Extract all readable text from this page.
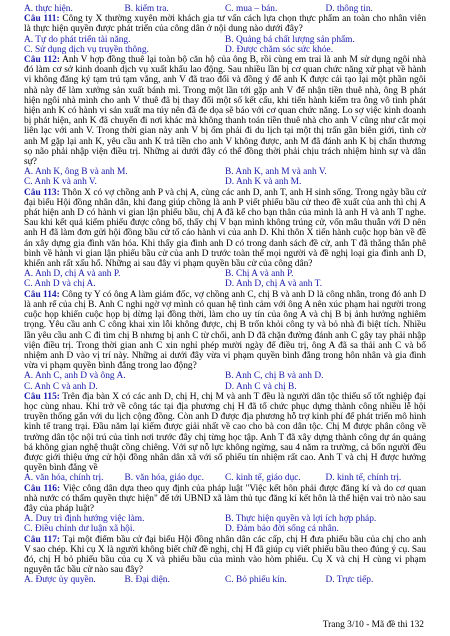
A. thực hiện.	B. kiểm tra.	C. mua – bán.	D. thông tin.
Câu 111: Công ty X thường xuyên mời khách gia tư vấn cách lựa chọn thực phẩm an toàn cho nhân viên là thực hiện quyền được phát triển của công dân ở nội dung nào dưới đây?
A. Tự do phát triển tài năng.	B. Quảng bá chất lượng sản phẩm.
C. Sử dụng dịch vụ truyền thông.	D. Được chăm sóc sức khỏe.
Câu 112: Anh V hợp đồng thuê lại toàn bộ căn hộ của ông B, rồi cùng em trai là anh M sử dụng ngôi nhà đó làm cơ sở kinh doanh dịch vụ xuất khẩu lao động. Sau nhiều lần bị cơ quan chức năng xử phạt về hành vi không đăng ký tạm trú tạm vắng, anh V đã trao đổi và đồng ý để anh K được cải tạo lại một phần ngôi nhà này để làm xưởng sản xuất bánh mì. Trong một lần tới gặp anh V để nhận tiền thuê nhà, ông B phát hiện ngôi nhà mình cho anh V thuê đã bị thay đổi một số kết cấu, khi tiến hành kiểm tra ông vô tình phát hiện anh K có hành vi sản xuất ma túy nên đã đe dọa sẽ báo với cơ quan chức năng. Lo sợ việc kinh doanh bị phát hiện, anh K đã chuyển đi nơi khác mà không thanh toán tiền thuê nhà cho anh V cũng như cắt mọi liên lạc với anh V. Trong thời gian này anh V bị ốm phải đi du lịch tại một thị trấn gần biên giới, tình cờ anh M gặp lại anh K, yêu cầu anh K trả tiền cho anh V không được, anh M đã đánh anh K bị chấn thương sọ não phải nhập viện điều trị. Những ai dưới đây có thể đồng thời phải chịu trách nhiệm hình sự và dân sự?
A. Anh K, ông B và anh M.	B. Anh K, anh M và anh V.
C. Anh K và anh V.	D. Anh K và anh M.
Câu 113: Thôn X có vợ chồng anh P và chị A, cùng các anh D, anh T, anh H sinh sống. Trong ngày bầu cử đại biểu Hội đồng nhân dân, khi đang giúp chồng là anh P viết phiếu bầu cử theo đề xuất của anh thì chị A phát hiện anh D có hành vi gian lận phiếu bầu, chị A đã kể cho bạn thân của mình là anh H và anh T nghe. Sau khi kết quả kiểm phiếu được công bố, thấy chị V bạn mình không trúng cử, vốn mâu thuẫn với D nên anh H đã làm đơn gửi hội đồng bầu cử tố cáo hành vi của anh D. Khi thôn X tiến hành cuộc họp bàn về đề án xây dựng gia đình văn hóa. Khi thấy gia đình anh D có trong danh sách đề cử, anh T đã thẳng thắn phê bình về hành vi gian lận phiếu bầu cử của anh D trước toàn thể mọi người và đề nghị loại gia đình anh D, khiến anh rất xấu hổ. Những ai sau đây vi phạm quyền bầu cử của công dân?
A. Anh D, chị A và anh P.	B. Chị A và anh P.
C. Anh D và chị A.	D. Anh D, chị A và anh T.
Câu 114: Công ty Y có ông A làm giám đốc, vợ chồng anh C, chị B và anh D là công nhân, trong đó anh D là anh rể của chị B. Anh C nghi ngờ vợ mình có quan hệ tình cảm với ông A nên xúc phạm hai người trong cuộc họp khiến cuộc họp bị dừng lại đồng thời, làm cho uy tín của ông A và chị B bị ảnh hưởng nghiêm trọng. Yêu cầu anh C công khai xin lỗi không được, chị B trốn khỏi công ty và bỏ nhà đi biệt tích. Nhiều lần yêu cầu anh C đi tìm chị B nhưng bị anh C từ chối, anh D đã chặn đường đánh anh C gây tay phải nhập viện điều trị. Trong thời gian anh C xin nghỉ phép mười ngày để điều trị, ông A đã sa thải anh C và bổ nhiệm anh D vào vị trí này. Những ai dưới đây vừa vi phạm quyền bình đẳng trong hôn nhân và gia đình vừa vi phạm quyền bình đẳng trong lao động?
A. Anh C, anh D và ông A.	B. Anh C, chị B và anh D.
C. Anh C và anh D.	D. Anh C và chị B.
Câu 115: Trên địa bàn X có các anh D, chị H, chị M và anh T đều là người dân tộc thiểu số tốt nghiệp đại học cùng nhau. Khi trở về công tác tại địa phương chị H đã tổ chức phục dựng thành công nhiều lễ hội truyền thống gắn với du lịch cộng đồng. Còn anh D được địa phương hỗ trợ kinh phí để phát triển mô hình kinh tế trang trại. Đầu năm lại kiếm được giải nhất về cao cho bà con dân tộc. Chị M được phân công về trường dân tộc nội trú của tỉnh nơi trước đây chị từng học tập. Anh T đã xây dựng thành công dự án quảng bá không gian nghệ thuật cồng chiêng. Với sự nỗ lực không ngừng, sau 4 năm ra trường, cả bốn người đều được giới thiệu ứng cử hội đồng nhân dân xã với số phiếu tín nhiệm rất cao. Anh T và chị H được hưởng quyền bình đẳng về
A. văn hóa, chính trị.	B. văn hóa, giáo dục.	C. kinh tế, giáo dục.	D. kinh tế, chính trị.
Câu 116: Việc công dân dựa theo quy định của pháp luật "Việc kết hôn phải được đăng kí và do cơ quan nhà nước có thẩm quyền thực hiện" để tới UBND xã làm thủ tục đăng kí kết hôn là thể hiện vai trò nào sau đây của pháp luật?
A. Duy trì định hướng việc làm.	B. Thực hiện quyền và lợi ích hợp pháp.
C. Điều chỉnh dư luận xã hội.	D. Đảm bảo đời sống cá nhân.
Câu 117: Tại một điểm bầu cử đại biểu Hội đồng nhân dân các cấp, chị H đưa phiếu bầu của chị cho anh V sao chép. Khi cụ X là người không biết chữ đề nghị, chị H đã giúp cụ viết phiếu bầu theo đúng ý cụ. Sau đó, chị H bỏ phiếu bầu của cụ X và phiếu bầu của mình vào hòm phiếu. Cụ X và chị H cùng vi phạm nguyên tắc bầu cử nào sau đây?
A. Được ủy quyền.	B. Đại diện.	C. Bỏ phiếu kín.	D. Trực tiếp.
Trang 3/10 - Mã đề thi 132
